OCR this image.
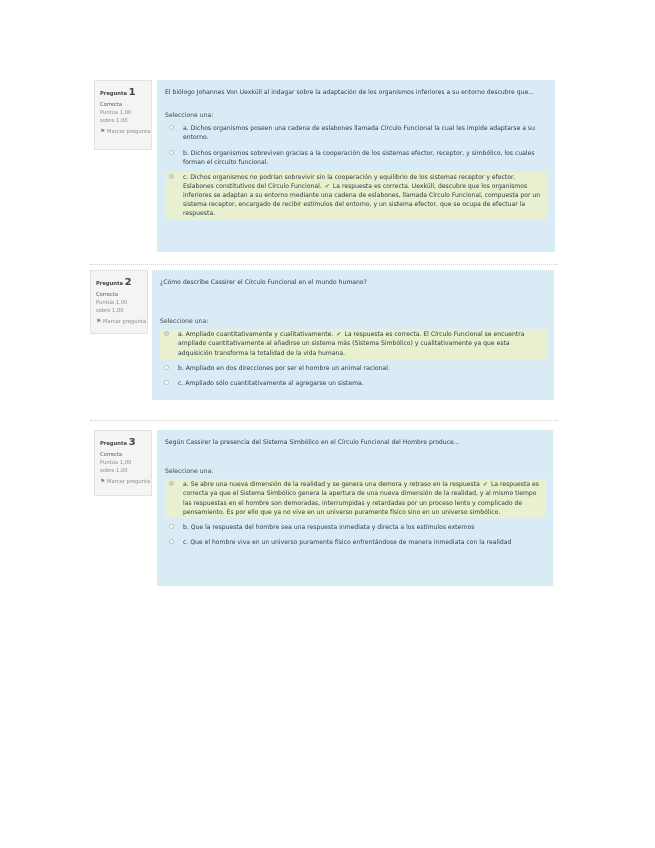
Pregunta 1
Correcta
Puntúa 1,00 sobre 1,00
⚑ Marcar pregunta
El biólogo Johannes Von Uexküll al indagar sobre la adaptación de los organismos inferiores a su entorno descubre que...
Seleccione una:
a. Dichos organismos poseen una cadena de eslabones llamada Círculo Funcional la cual les impide adaptarse a su entorno.
b. Dichos organismos sobreviven gracias a la cooperación de los sistemas efector, receptor, y simbólico, los cuales forman el circuito funcional.
c. Dichos organismos no podrían sobrevivir sin la cooperación y equilibrio de los sistemas receptor y efector. Eslabones constitutivos del Círculo Funcional. ✔ La respuesta es correcta. Uexküll, descubre que los organismos inferiores se adaptan a su entorno mediante una cadena de eslabones, llamada Círculo Funcional, compuesta por un sistema receptor, encargado de recibir estímulos del entorno, y un sistema efector, que se ocupa de efectuar la respuesta.
Pregunta 2
Correcta
Puntúa 1,00 sobre 1,00
⚑ Marcar pregunta
¿Cómo describe Cassirer el Círculo Funcional en el mundo humano?
Seleccione una:
a. Ampliado cuantitativamente y cualitativamente. ✔ La respuesta es correcta. El Círculo Funcional se encuentra ampliado cuantitativamente al añadirse un sistema más (Sistema Simbólico) y cualitativamente ya que esta adquisición transforma la totalidad de la vida humana.
b. Ampliado en dos direcciones por ser el hombre un animal racional.
c. Ampliado sólo cuantitativamente al agregarse un sistema.
Pregunta 3
Correcta
Puntúa 1,00 sobre 1,00
⚑ Marcar pregunta
Según Cassirer la presencia del Sistema Simbólico en el Círculo Funcional del Hombre produce...
Seleccione una:
a. Se abre una nueva dimensión de la realidad y se genera una demora y retraso en la respuesta ✔ La respuesta es correcta ya que el Sistema Simbólico genera la apertura de una nueva dimensión de la realidad, y al mismo tiempo las respuestas en el hombre son demoradas, interrumpidas y retardadas por un proceso lento y complicado de pensamiento. Es por ello que ya no vive en un universo puramente físico sino en un universo simbólico.
b. Que la respuesta del hombre sea una respuesta inmediata y directa a los estímulos externos
c. Que el hombre viva en un universo puramente físico enfrentándose de manera inmediata con la realidad
